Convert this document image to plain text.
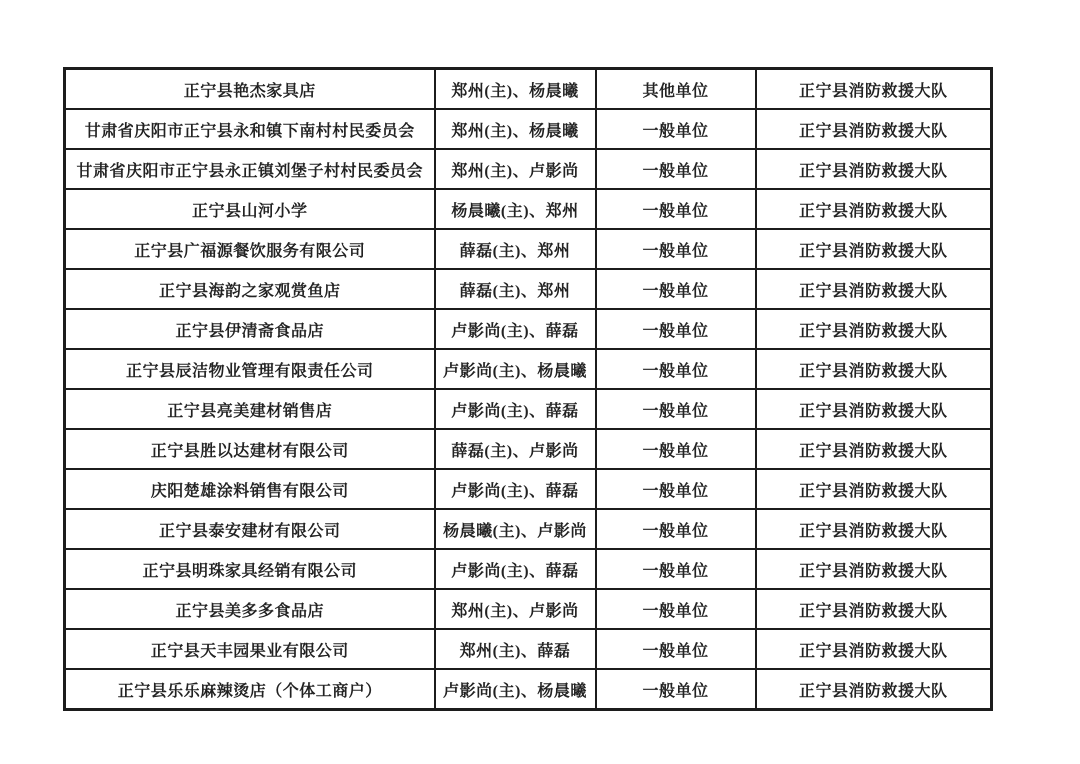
正宁县艳杰家具店	郑州(主)、杨晨曦	其他单位	正宁县消防救援大队
甘肃省庆阳市正宁县永和镇下南村村民委员会	郑州(主)、杨晨曦	一般单位	正宁县消防救援大队
甘肃省庆阳市正宁县永正镇刘堡子村村民委员会	郑州(主)、卢影尚	一般单位	正宁县消防救援大队
正宁县山河小学	杨晨曦(主)、郑州	一般单位	正宁县消防救援大队
正宁县广福源餐饮服务有限公司	薛磊(主)、郑州	一般单位	正宁县消防救援大队
正宁县海韵之家观赏鱼店	薛磊(主)、郑州	一般单位	正宁县消防救援大队
正宁县伊清斋食品店	卢影尚(主)、薛磊	一般单位	正宁县消防救援大队
正宁县辰洁物业管理有限责任公司	卢影尚(主)、杨晨曦	一般单位	正宁县消防救援大队
正宁县亮美建材销售店	卢影尚(主)、薛磊	一般单位	正宁县消防救援大队
正宁县胜以达建材有限公司	薛磊(主)、卢影尚	一般单位	正宁县消防救援大队
庆阳楚雄涂料销售有限公司	卢影尚(主)、薛磊	一般单位	正宁县消防救援大队
正宁县泰安建材有限公司	杨晨曦(主)、卢影尚	一般单位	正宁县消防救援大队
正宁县明珠家具经销有限公司	卢影尚(主)、薛磊	一般单位	正宁县消防救援大队
正宁县美多多食品店	郑州(主)、卢影尚	一般单位	正宁县消防救援大队
正宁县天丰园果业有限公司	郑州(主)、薛磊	一般单位	正宁县消防救援大队
正宁县乐乐麻辣烫店（个体工商户）	卢影尚(主)、杨晨曦	一般单位	正宁县消防救援大队
